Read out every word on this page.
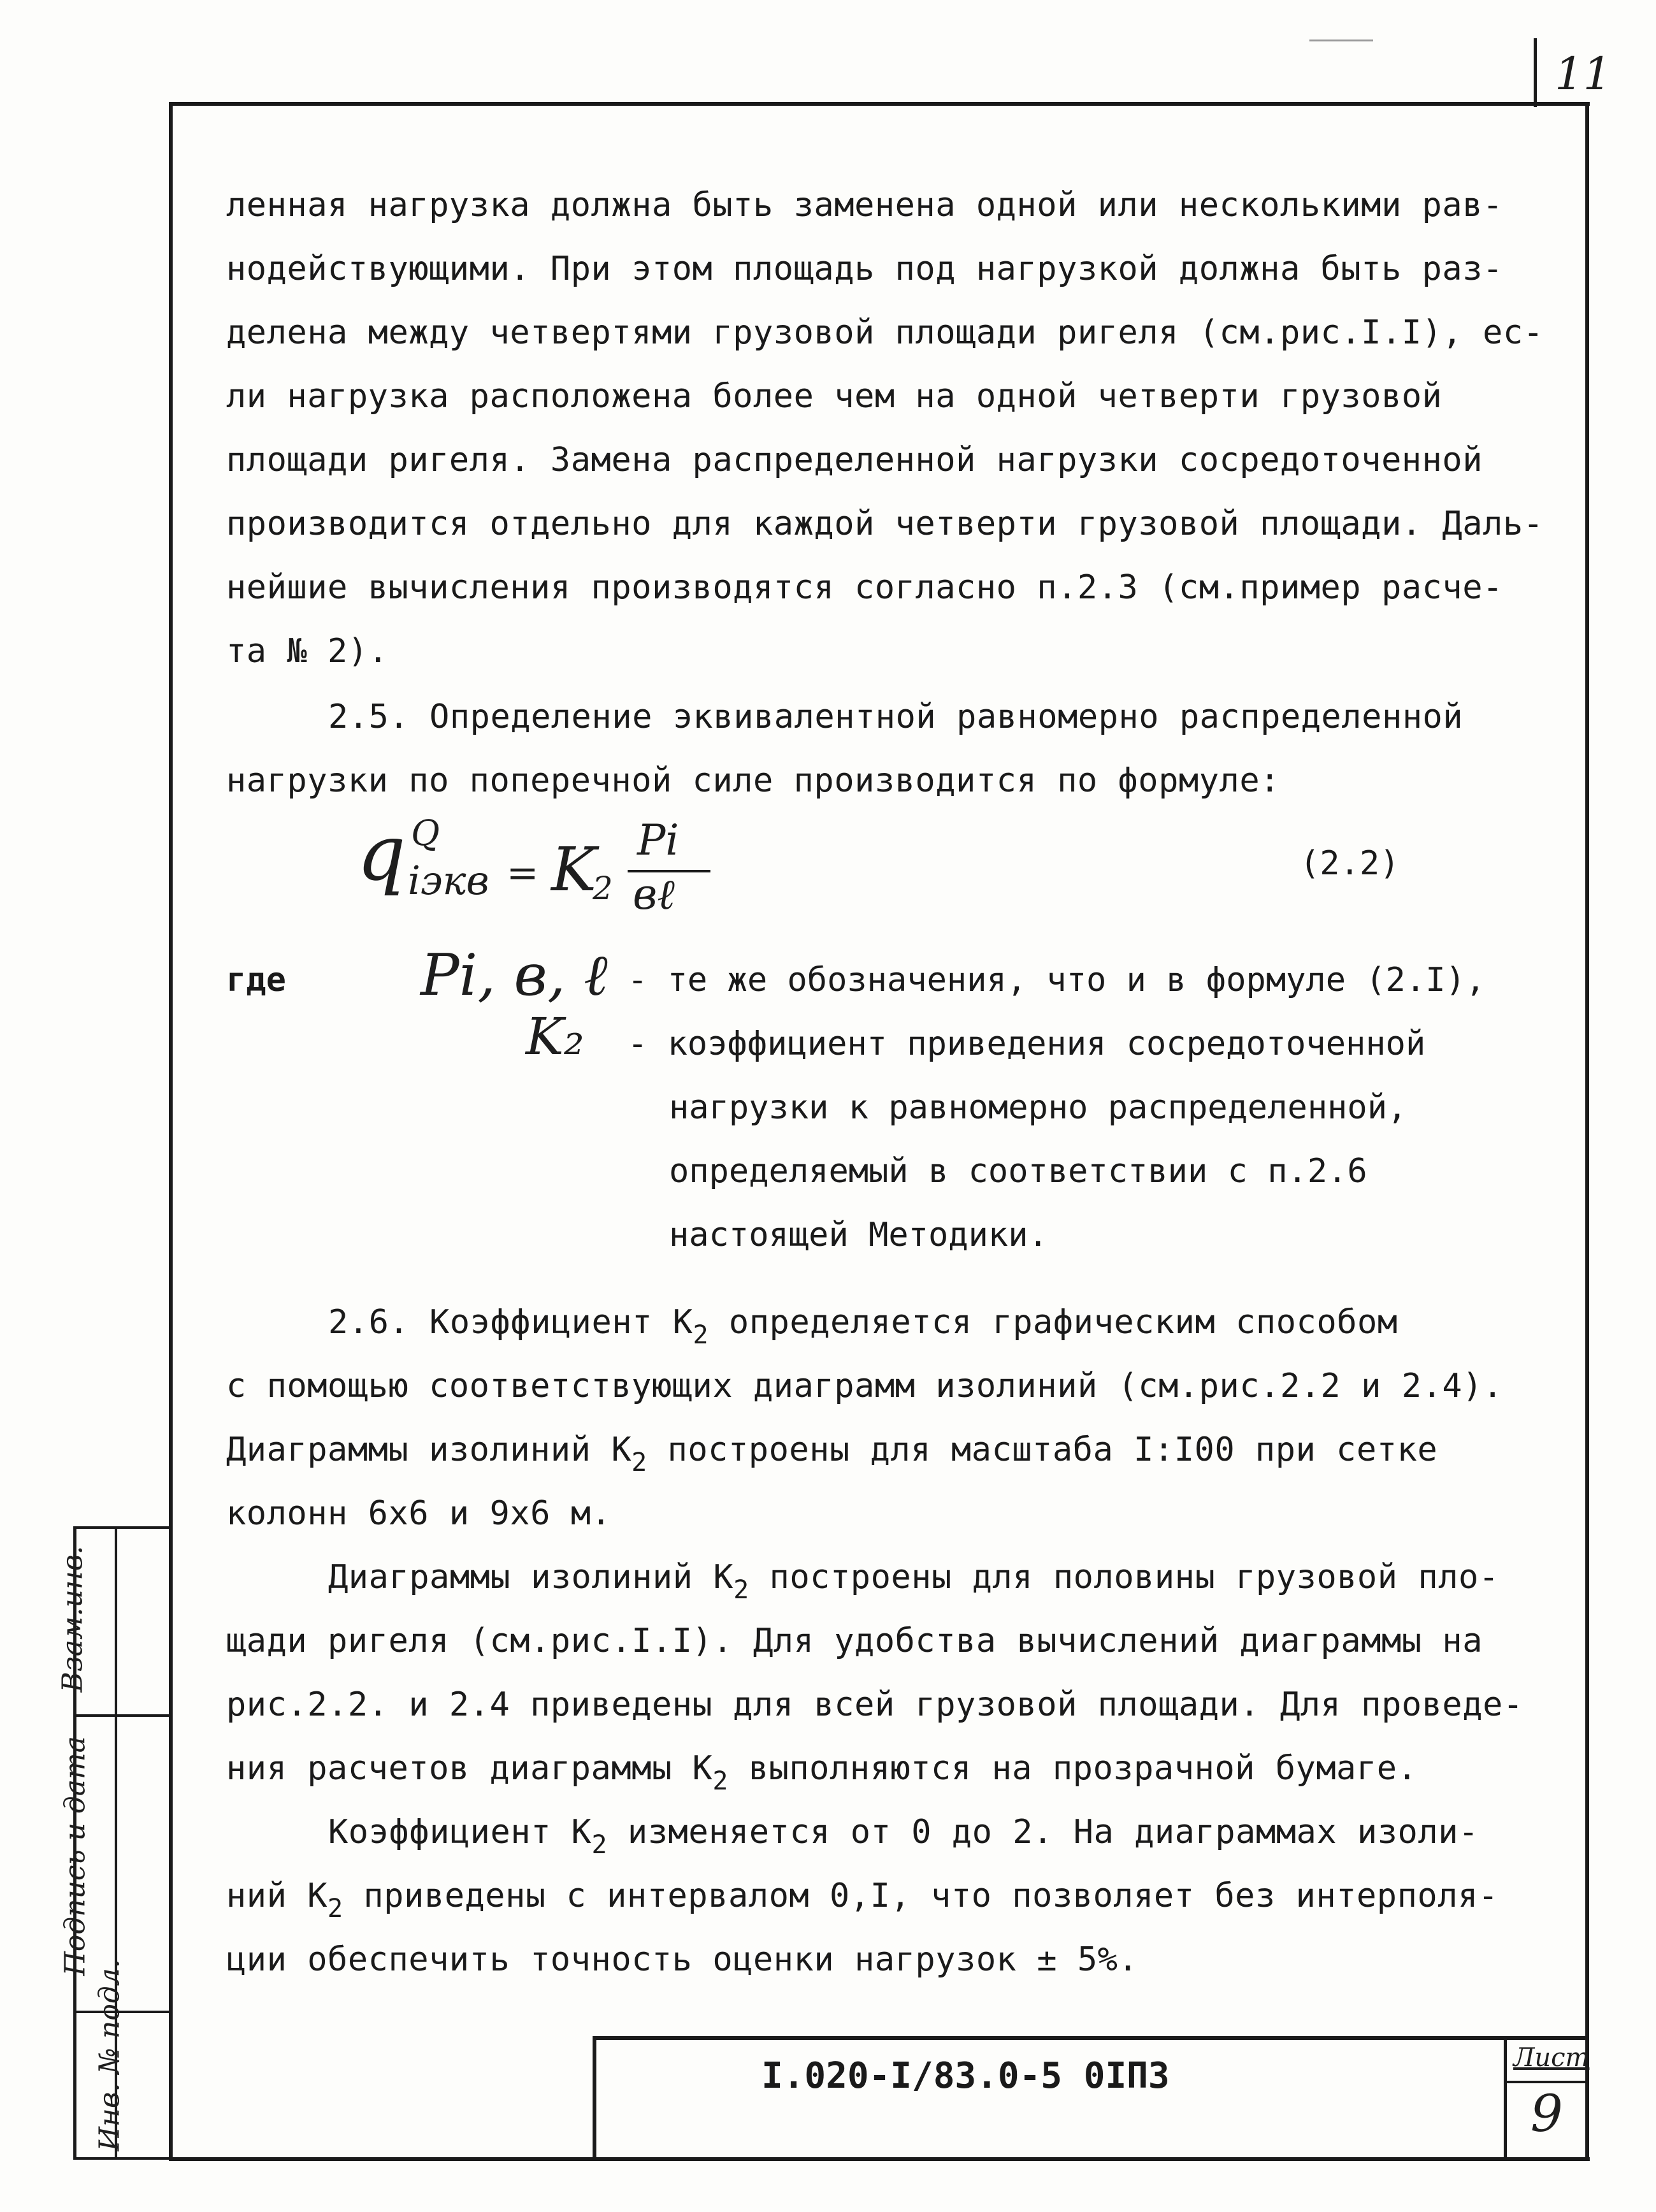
11
ленная нагрузка должна быть заменена одной или несколькими рав-
нодействующими. При этом площадь под нагрузкой должна быть раз-
делена между четвертями грузовой площади ригеля (см.рис.I.I), ес-
ли нагрузка расположена более чем на одной четверти грузовой
площади ригеля. Замена распределенной нагрузки сосредоточенной
производится отдельно для каждой четверти грузовой площади. Даль-
нейшие вычисления производятся согласно п.2.3 (см.пример расче-
та № 2).
2.5. Определение эквивалентной равномерно распределенной
нагрузки по поперечной силе производится по формуле:
q Q
iэкв = K
2
Pi
вℓ
(2.2)
где Pi, в, ℓ - те же обозначения, что и в формуле (2.I),
K₂ - коэффициент приведения сосредоточенной
нагрузки к равномерно распределенной,
определяемый в соответствии с п.2.6
настоящей Методики.
2.6. Коэффициент $K_2$ определяется графическим способом
с помощью соответствующих диаграмм изолиний (см.рис.2.2 и 2.4).
Диаграммы изолиний $K_2$ построены для масштаба I:I00 при сетке
колонн 6х6 и 9х6 м.
Диаграммы изолиний $K_2$ построены для половины грузовой пло-
щади ригеля (см.рис.I.I). Для удобства вычислений диаграммы на
рис.2.2. и 2.4 приведены для всей грузовой площади. Для проведе-
ния расчетов диаграммы $K_2$ выполняются на прозрачной бумаге.
Коэффициент $K_2$ изменяется от 0 до 2. На диаграммах изоли-
ний $K_2$ приведены с интервалом 0,I, что позволяет без интерполя-
ции обеспечить точность оценки нагрузок ± 5%.
I.020-I/83.0-5 0IПЗ	Лист
9
Инв. № подл.
Подпись и дата
Взам.инв.
